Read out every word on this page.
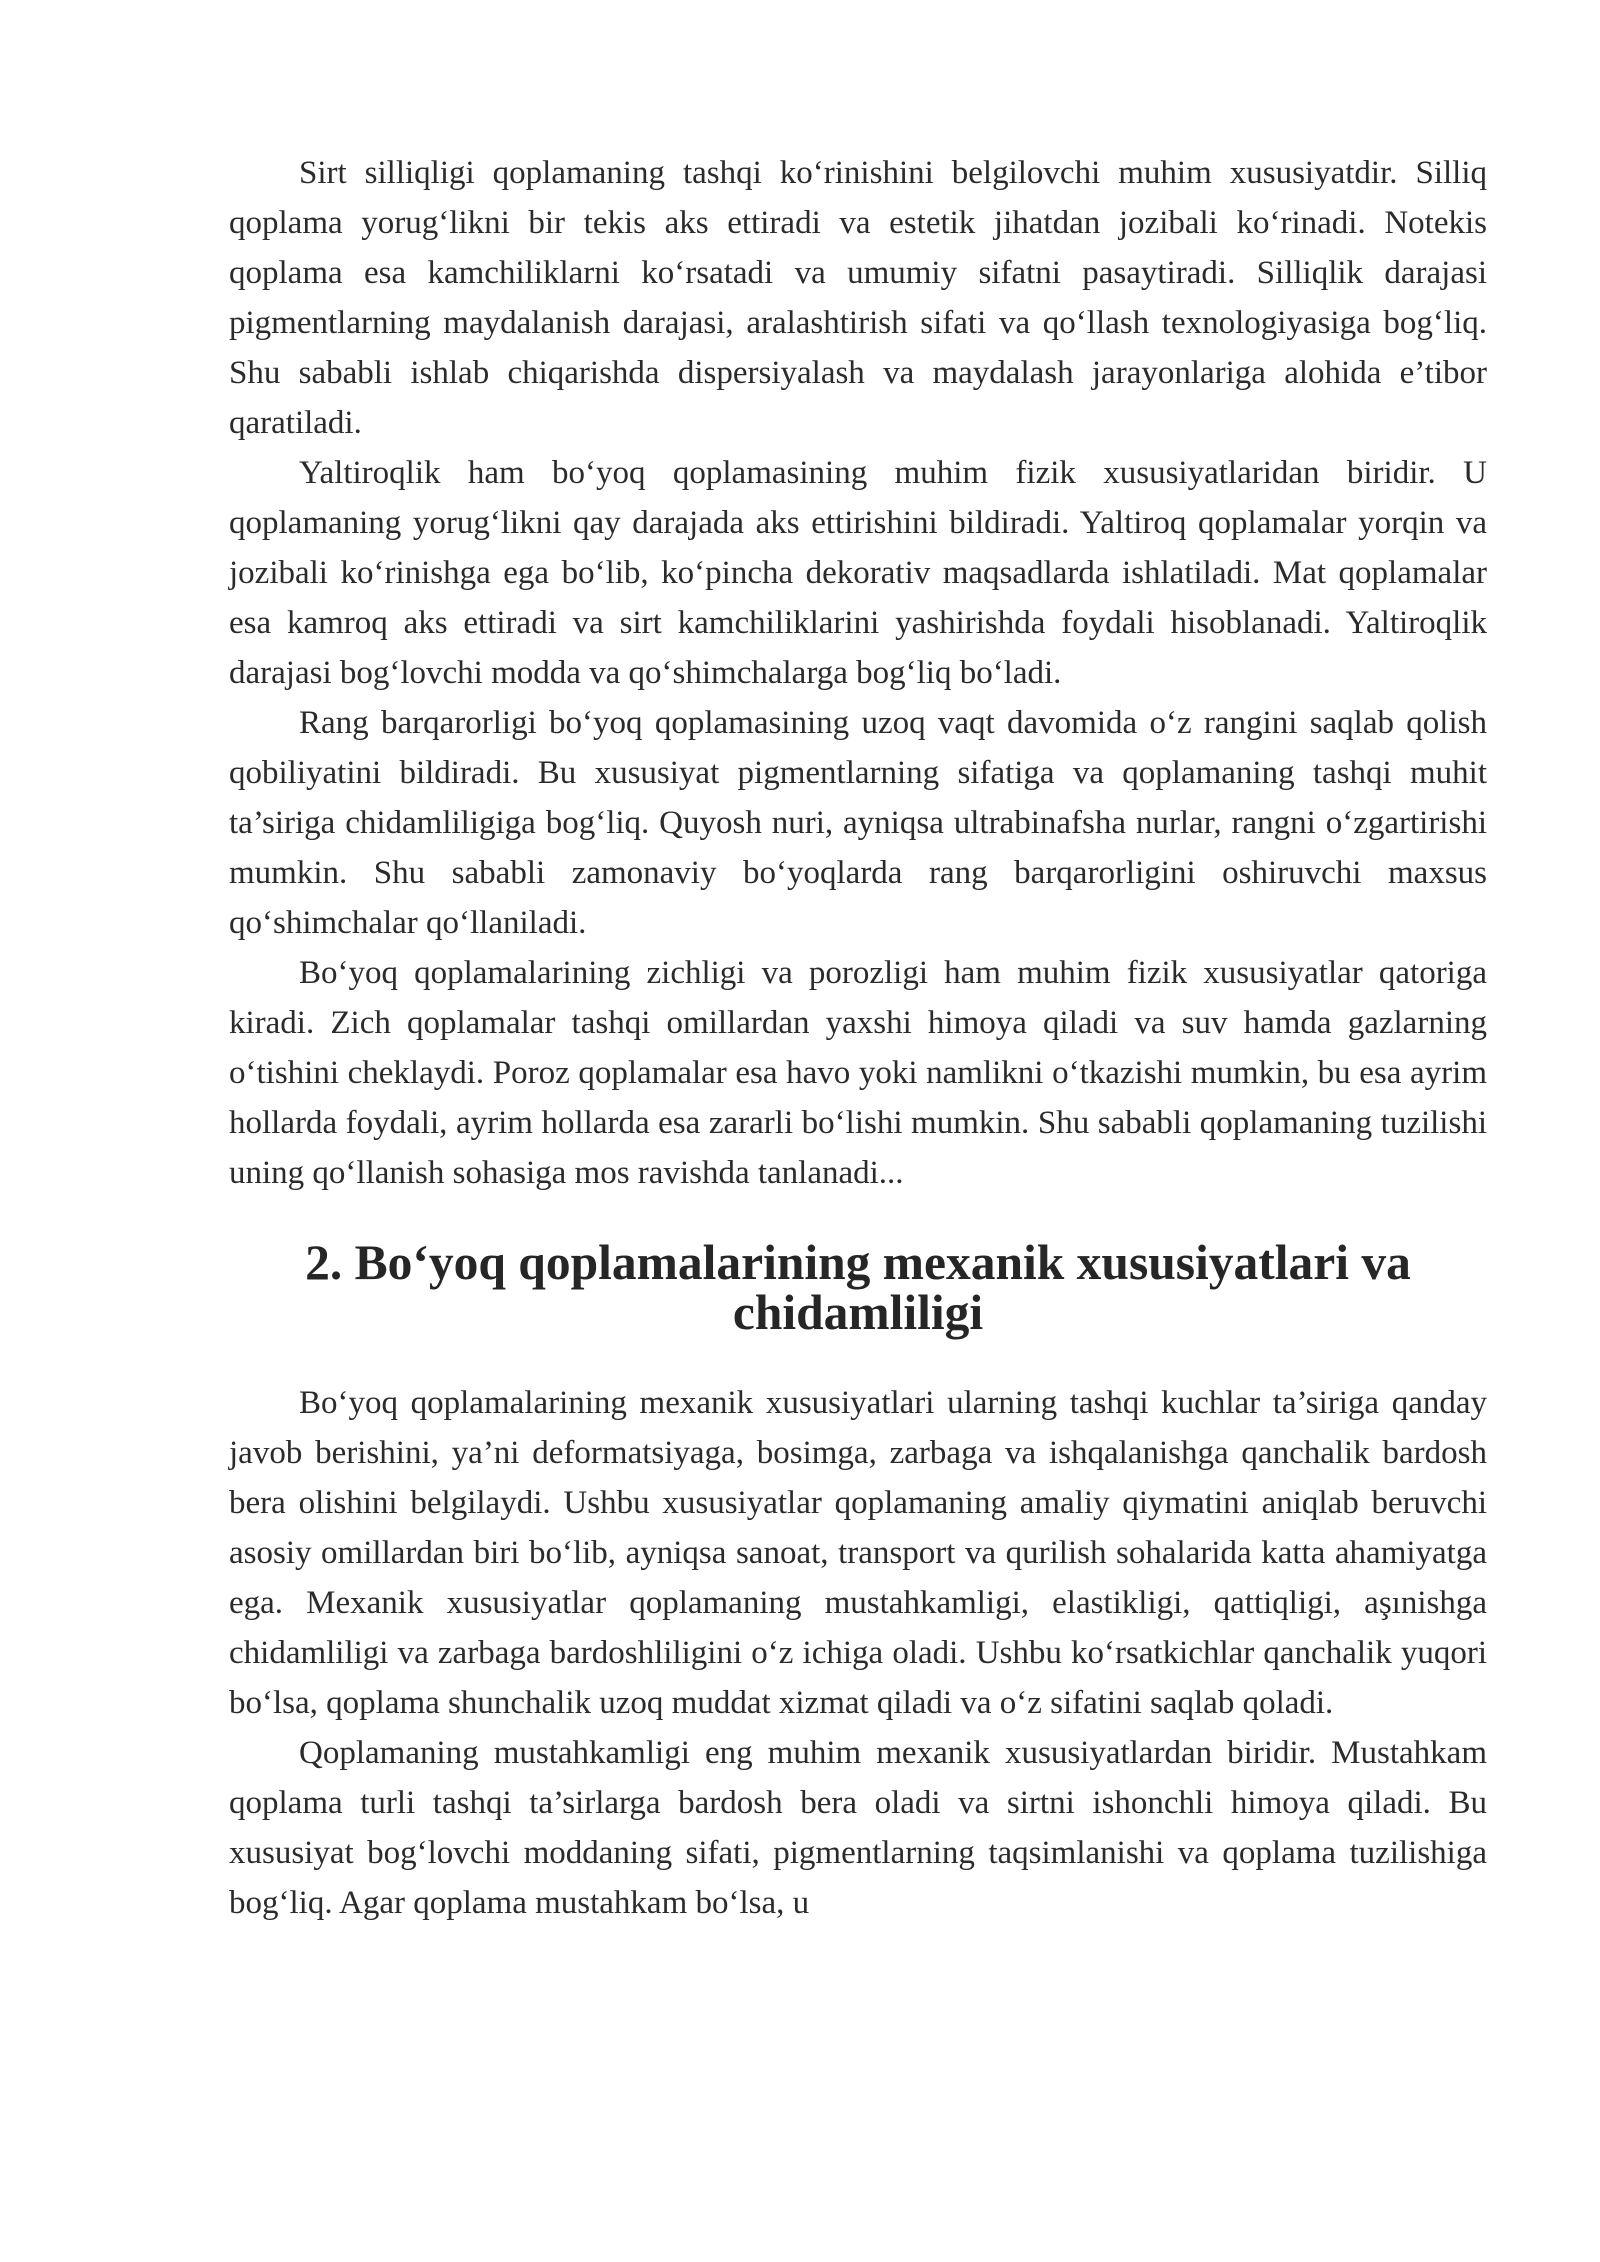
Sirt silliqligi qoplamaning tashqi ko‘rinishini belgilovchi muhim xususiyatdir. Silliq qoplama yorug‘likni bir tekis aks ettiradi va estetik jihatdan jozibali ko‘rinadi. Notekis qoplama esa kamchiliklarni ko‘rsatadi va umumiy sifatni pasaytiradi. Silliqlik darajasi pigmentlarning maydalanish darajasi, aralashtirish sifati va qo‘llash texnologiyasiga bog‘liq. Shu sababli ishlab chiqarishda dispersiyalash va maydalash jarayonlariga alohida e’tibor qaratiladi.

Yaltiroqlik ham bo‘yoq qoplamasining muhim fizik xususiyatlaridan biridir. U qoplamaning yorug‘likni qay darajada aks ettirishini bildiradi. Yaltiroq qoplamalar yorqin va jozibali ko‘rinishga ega bo‘lib, ko‘pincha dekorativ maqsadlarda ishlatiladi. Mat qoplamalar esa kamroq aks ettiradi va sirt kamchiliklarini yashirishda foydali hisoblanadi. Yaltiroqlik darajasi bog‘lovchi modda va qo‘shimchalarga bog‘liq bo‘ladi.

Rang barqarorligi bo‘yoq qoplamasining uzoq vaqt davomida o‘z rangini saqlab qolish qobiliyatini bildiradi. Bu xususiyat pigmentlarning sifatiga va qoplamaning tashqi muhit ta’siriga chidamliligiga bog‘liq. Quyosh nuri, ayniqsa ultrabinafsha nurlar, rangni o‘zgartirishi mumkin. Shu sababli zamonaviy bo‘yoqlarda rang barqarorligini oshiruvchi maxsus qo‘shimchalar qo‘llaniladi.

Bo‘yoq qoplamalarining zichligi va porozligi ham muhim fizik xususiyatlar qatoriga kiradi. Zich qoplamalar tashqi omillardan yaxshi himoya qiladi va suv hamda gazlarning o‘tishini cheklaydi. Poroz qoplamalar esa havo yoki namlikni o‘tkazishi mumkin, bu esa ayrim hollarda foydali, ayrim hollarda esa zararli bo‘lishi mumkin. Shu sababli qoplamaning tuzilishi uning qo‘llanish sohasiga mos ravishda tanlanadi...

2. Bo‘yoq qoplamalarining mexanik xususiyatlari va chidamliligi

Bo‘yoq qoplamalarining mexanik xususiyatlari ularning tashqi kuchlar ta’siriga qanday javob berishini, ya’ni deformatsiyaga, bosimga, zarbaga va ishqalanishga qanchalik bardosh bera olishini belgilaydi. Ushbu xususiyatlar qoplamaning amaliy qiymatini aniqlab beruvchi asosiy omillardan biri bo‘lib, ayniqsa sanoat, transport va qurilish sohalarida katta ahamiyatga ega. Mexanik xususiyatlar qoplamaning mustahkamligi, elastikligi, qattiqligi, aşınishga chidamliligi va zarbaga bardoshliligini o‘z ichiga oladi. Ushbu ko‘rsatkichlar qanchalik yuqori bo‘lsa, qoplama shunchalik uzoq muddat xizmat qiladi va o‘z sifatini saqlab qoladi.

Qoplamaning mustahkamligi eng muhim mexanik xususiyatlardan biridir. Mustahkam qoplama turli tashqi ta’sirlarga bardosh bera oladi va sirtni ishonchli himoya qiladi. Bu xususiyat bog‘lovchi moddaning sifati, pigmentlarning taqsimlanishi va qoplama tuzilishiga bog‘liq. Agar qoplama mustahkam bo‘lsa, u
